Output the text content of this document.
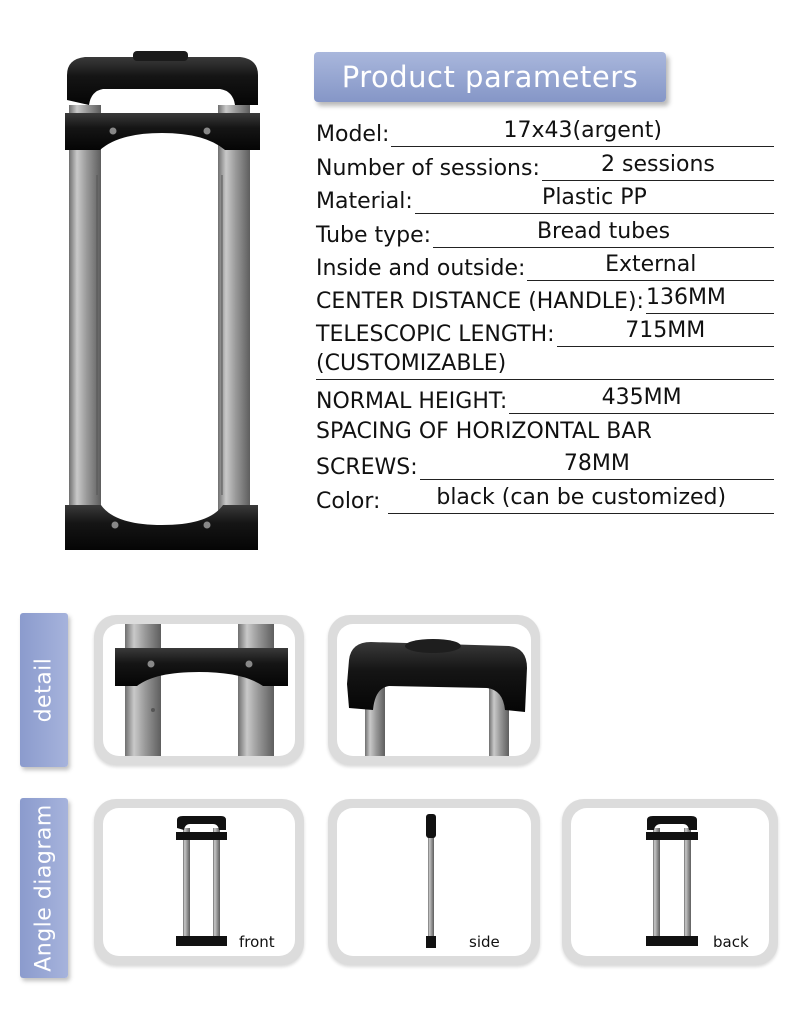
Product parameters
Model:	17x43(argent)
Number of sessions:	2 sessions
Material:	Plastic PP
Tube type:	Bread tubes
Inside and outside:	External
CENTER DISTANCE (HANDLE): 136MM
TELESCOPIC LENGTH:	715MM
(CUSTOMIZABLE)
NORMAL HEIGHT:	435MM
SPACING OF HORIZONTAL BAR
SCREWS:	78MM
Color:	black (can be customized)
detail
Angle diagram	front	side	back
